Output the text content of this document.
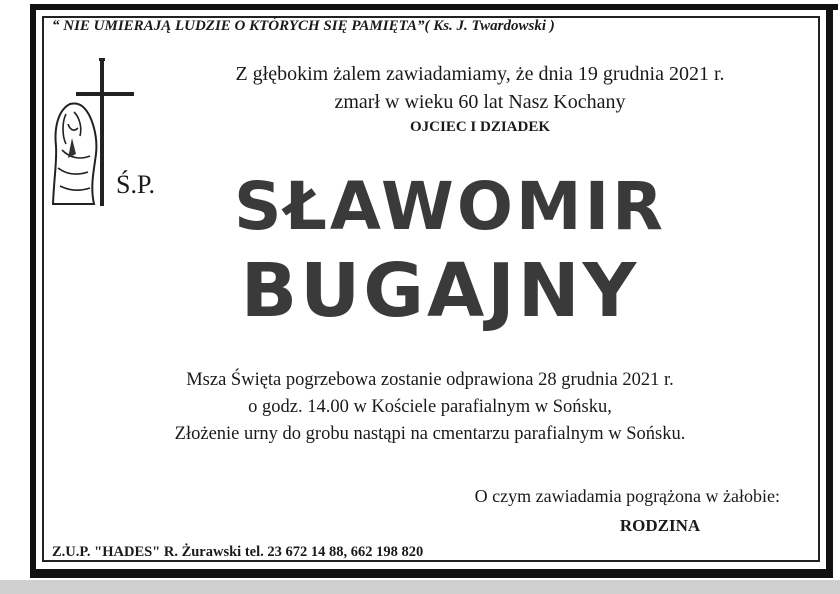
“ NIE UMIERAJĄ LUDZIE O KTÓRYCH SIĘ PAMIĘTA”( Ks. J. Twardowski )
Z głębokim żalem zawiadamiamy, że dnia 19 grudnia 2021 r.
zmarł w wieku 60 lat Nasz Kochany
OJCIEC I DZIADEK
Ś.P.	SŁAWOMIR
BUGAJNY
Msza Święta pogrzebowa zostanie odprawiona 28 grudnia 2021 r.
o godz. 14.00 w Kościele parafialnym w Sońsku,
Złożenie urny do grobu nastąpi na cmentarzu parafialnym w Sońsku.
O czym zawiadamia pogrążona w żałobie:
RODZINA
Z.U.P. "HADES" R. Żurawski tel. 23 672 14 88, 662 198 820
